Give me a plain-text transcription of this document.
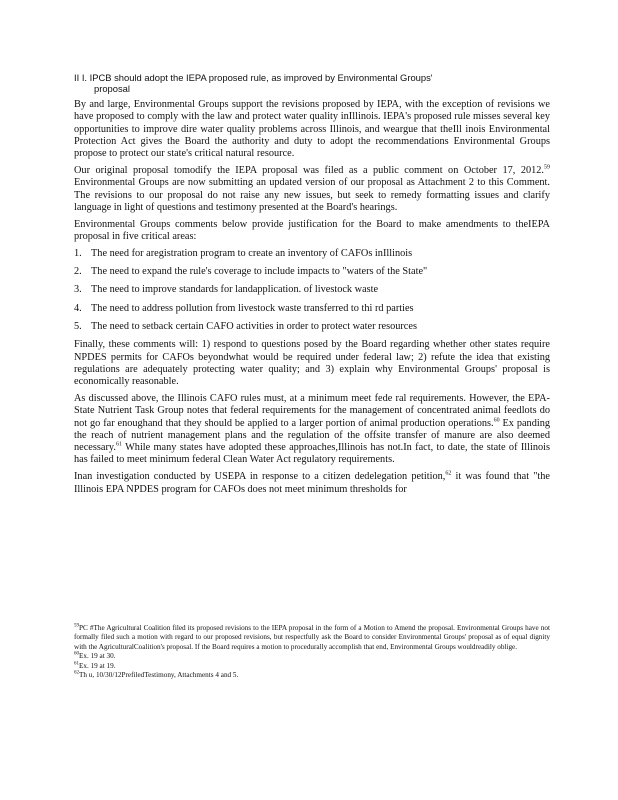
II I. IPCB should adopt the IEPA proposed rule, as improved by Environmental Groups'
proposal

By and large, Environmental Groups support the revisions proposed by IEPA, with the exception of revisions we have proposed to comply with the law and protect water quality inIllinois. IEPA's proposed rule misses several key opportunities to improve dire water quality problems across Illinois, and weargue that theIll inois Environmental Protection Act gives the Board the authority and duty to adopt the recommendations Environmental Groups propose to protect our state's critical natural resource.

Our original proposal tomodify the IEPA proposal was filed as a public comment on October 17, 2012.59 Environmental Groups are now submitting an updated version of our proposal as Attachment 2 to this Comment. The revisions to our proposal do not raise any new issues, but seek to remedy formatting issues and clarify language in light of questions and testimony presented at the Board's hearings.

Environmental Groups comments below provide justification for the Board to make amendments to theIEPA proposal in five critical areas:

1. The need for aregistration program to create an inventory of CAFOs inIllinois
2. The need to expand the rule's coverage to include impacts to "waters of the State"
3. The need to improve standards for landapplication. of livestock waste
4. The need to address pollution from livestock waste transferred to thi rd parties
5. The need to setback certain CAFO activities in order to protect water resources

Finally, these comments will: 1) respond to questions posed by the Board regarding whether other states require NPDES permits for CAFOs beyondwhat would be required under federal law; 2) refute the idea that existing regulations are adequately protecting water quality; and 3) explain why Environmental Groups' proposal is economically reasonable.

As discussed above, the Illinois CAFO rules must, at a minimum meet fede ral requirements. However, the EPA-State Nutrient Task Group notes that federal requirements for the management of concentrated animal feedlots do not go far enoughand that they should be applied to a larger portion of animal production operations.$^{60}$ Ex panding the reach of nutrient management plans and the regulation of the offsite transfer of manure are also deemed necessary.$^{61}$ While many states have adopted these approaches,Illinois has not.In fact, to date, the state of Illinois has failed to meet minimum federal Clean Water Act regulatory requirements.

Inan investigation conducted by USEPA in response to a citizen dedelegation petition,$^{62}$ it was found that "the Illinois EPA NPDES program for CAFOs does not meet minimum thresholds for

$^{59}$PC #The Agricultural Coalition filed its proposed revisions to the IEPA proposal in the form of a Motion to Amend the proposal. Environmental Groups have not formally filed such a motion with regard to our proposed revisions, but respectfully ask the Board to consider Environmental Groups' proposal as of equal dignity with the AgriculturalCoalition's proposal. If the Board requires a motion to procedurally accomplish that end, Environmental Groups wouldreadily oblige.

$^{60}$Ex. 19 at 30.

$^{61}$Ex. 19 at 19.

$^{62}$Th u, 10/30/12PrefiledTestimony, Attachments 4 and 5.
